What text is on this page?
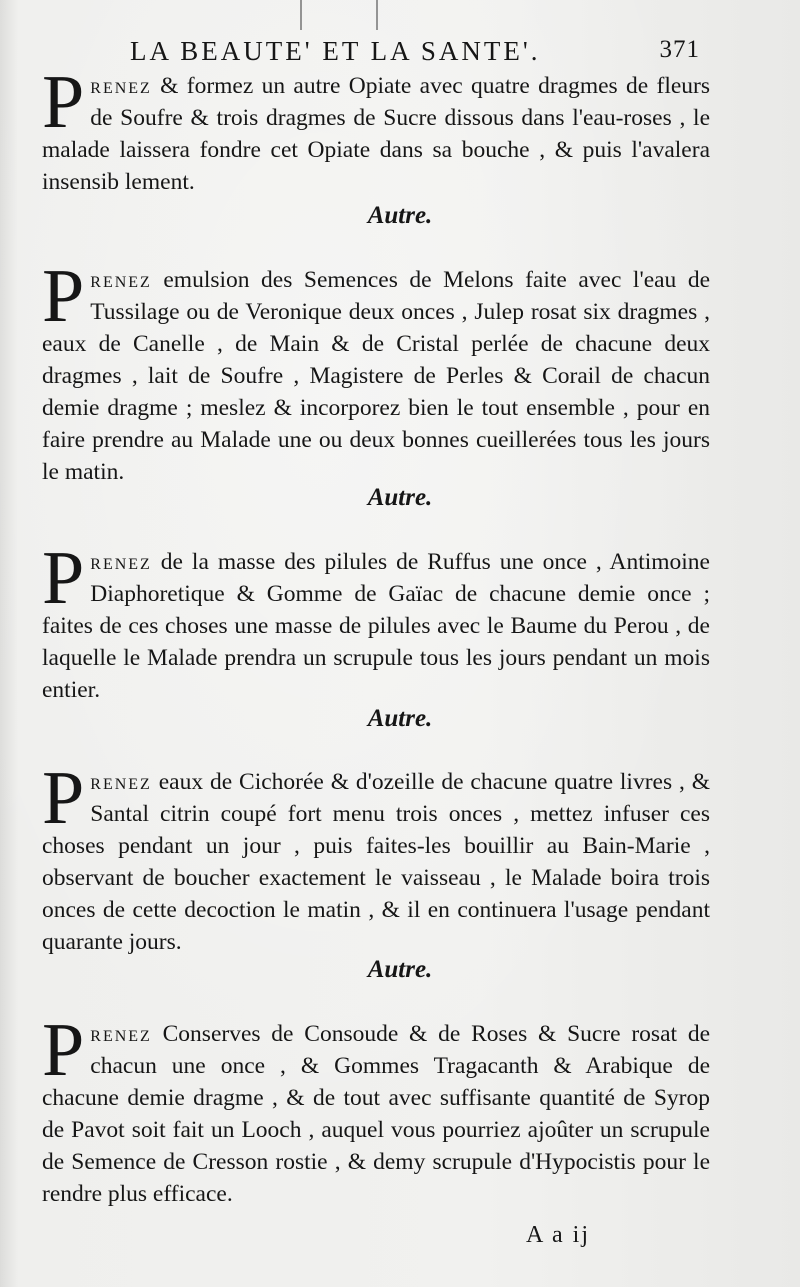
LA BEAUTE' ET LA SANTE'.	371
Prenez & formez un autre Opiate avec quatre dragmes de fleurs de Soufre & trois dragmes de Sucre dissous dans l'eau-roses , le malade laissera fondre cet Opiate dans sa bouche , & puis l'avalera insensib lement.
Autre.
Prenez emulsion des Semences de Melons faite avec l'eau de Tussilage ou de Veronique deux onces , Julep rosat six dragmes , eaux de Canelle , de Main & de Cristal perlée de chacune deux dragmes , lait de Soufre , Magistere de Perles & Corail de chacun demie dragme ; meslez & incorporez bien le tout ensemble , pour en faire prendre au Malade une ou deux bonnes cueillerées tous les jours le matin.
Autre.
Prenez de la masse des pilules de Ruffus une once , Antimoine Diaphoretique & Gomme de Gaïac de chacune demie once ; faites de ces choses une masse de pilules avec le Baume du Perou , de laquelle le Malade prendra un scrupule tous les jours pendant un mois entier.
Autre.
Prenez eaux de Cichorée & d'ozeille de chacune quatre livres , & Santal citrin coupé fort menu trois onces , mettez infuser ces choses pendant un jour , puis faites-les bouillir au Bain-Marie , observant de boucher exactement le vaisseau , le Malade boira trois onces de cette decoction le matin , & il en continuera l'usage pendant quarante jours.
Autre.
Prenez Conserves de Consoude & de Roses & Sucre rosat de chacun une once , & Gommes Tragacanth & Arabique de chacune demie dragme , & de tout avec suffisante quantité de Syrop de Pavot soit fait un Looch , auquel vous pourriez ajoûter un scrupule de Semence de Cresson rostie , & demy scrupule d'Hypocistis pour le rendre plus efficace.
A a ij
